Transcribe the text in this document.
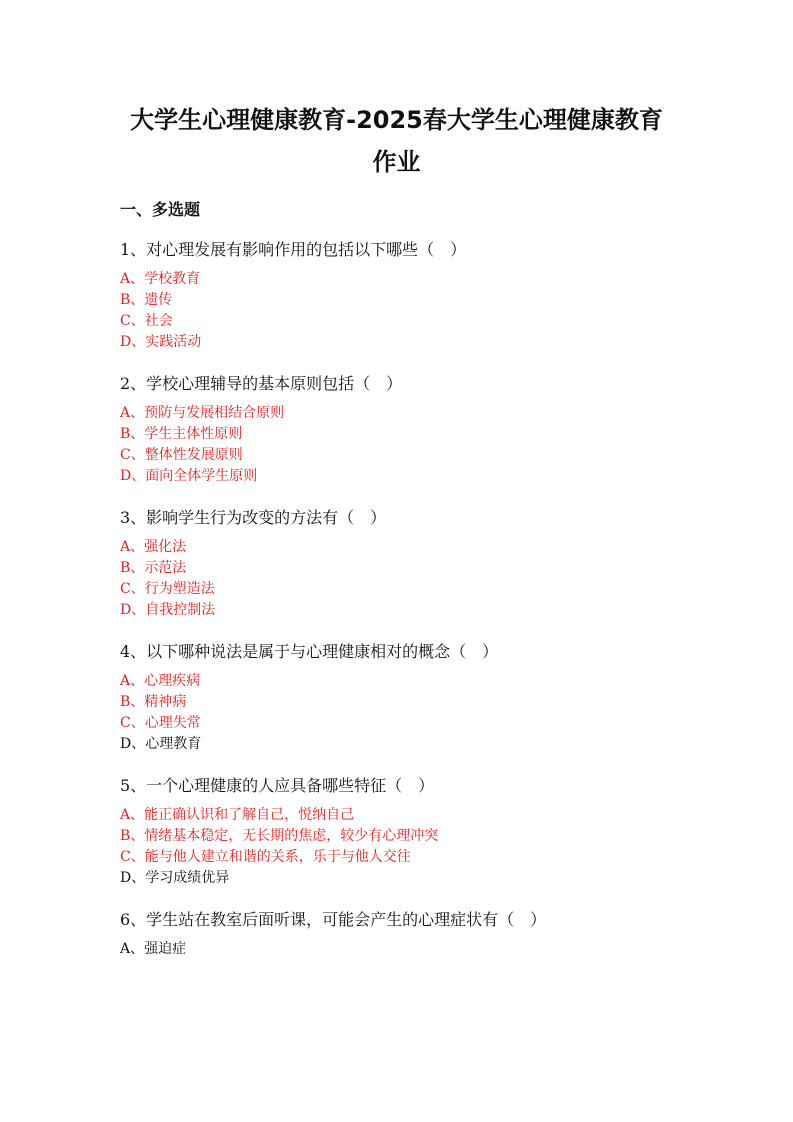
大学生心理健康教育-2025春大学生心理健康教育作业
一、多选题

1、对心理发展有影响作用的包括以下哪些（　）

A、学校教育
B、遗传
C、社会
D、实践活动

2、学校心理辅导的基本原则包括（　）

A、预防与发展相结合原则
B、学生主体性原则
C、整体性发展原则
D、面向全体学生原则

3、影响学生行为改变的方法有（　）

A、强化法
B、示范法
C、行为塑造法
D、自我控制法

4、以下哪种说法是属于与心理健康相对的概念（　）

A、心理疾病
B、精神病
C、心理失常
D、心理教育

5、一个心理健康的人应具备哪些特征（　）

A、能正确认识和了解自己，悦纳自己
B、情绪基本稳定，无长期的焦虑，较少有心理冲突
C、能与他人建立和谐的关系，乐于与他人交往
D、学习成绩优异

6、学生站在教室后面听课，可能会产生的心理症状有（　）

A、强迫症
